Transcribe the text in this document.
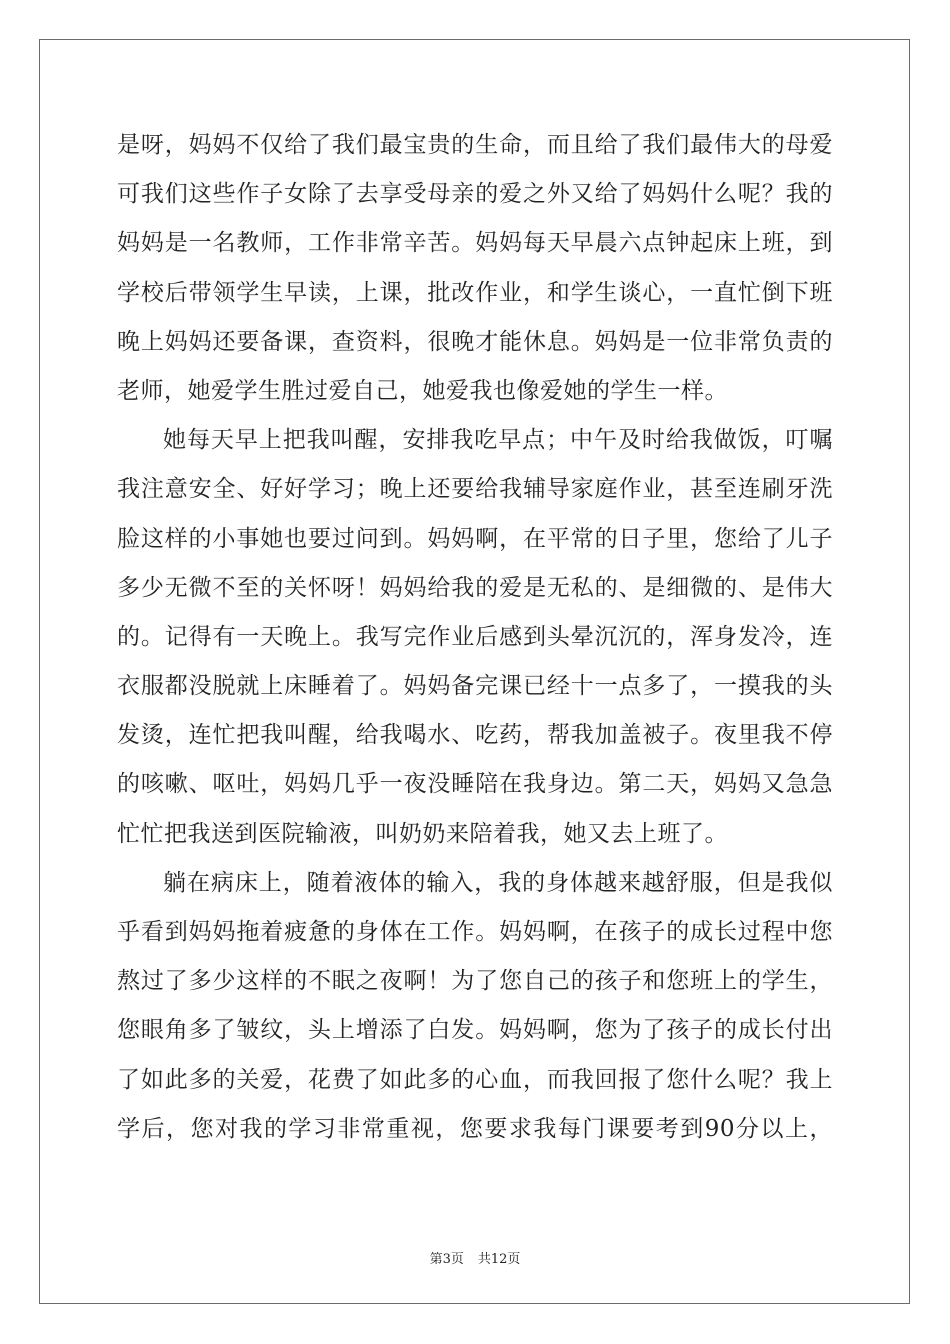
是呀，妈妈不仅给了我们最宝贵的生命，而且给了我们最伟大的母爱
可我们这些作子女除了去享受母亲的爱之外又给了妈妈什么呢？我的
妈妈是一名教师，工作非常辛苦。妈妈每天早晨六点钟起床上班，到
学校后带领学生早读，上课，批改作业，和学生谈心，一直忙倒下班
晚上妈妈还要备课，查资料，很晚才能休息。妈妈是一位非常负责的
老师，她爱学生胜过爱自己，她爱我也像爱她的学生一样。
她每天早上把我叫醒，安排我吃早点；中午及时给我做饭，叮嘱
我注意安全、好好学习；晚上还要给我辅导家庭作业，甚至连刷牙洗
脸这样的小事她也要过问到。妈妈啊，在平常的日子里，您给了儿子
多少无微不至的关怀呀！妈妈给我的爱是无私的、是细微的、是伟大
的。记得有一天晚上。我写完作业后感到头晕沉沉的，浑身发冷，连
衣服都没脱就上床睡着了。妈妈备完课已经十一点多了，一摸我的头
发烫，连忙把我叫醒，给我喝水、吃药，帮我加盖被子。夜里我不停
的咳嗽、呕吐，妈妈几乎一夜没睡陪在我身边。第二天，妈妈又急急
忙忙把我送到医院输液，叫奶奶来陪着我，她又去上班了。
躺在病床上，随着液体的输入，我的身体越来越舒服，但是我似
乎看到妈妈拖着疲惫的身体在工作。妈妈啊，在孩子的成长过程中您
熬过了多少这样的不眠之夜啊！为了您自己的孩子和您班上的学生，
您眼角多了皱纹，头上增添了白发。妈妈啊，您为了孩子的成长付出
了如此多的关爱，花费了如此多的心血，而我回报了您什么呢？我上
学后，您对我的学习非常重视，您要求我每门课要考到90分以上，
第3页 共12页
